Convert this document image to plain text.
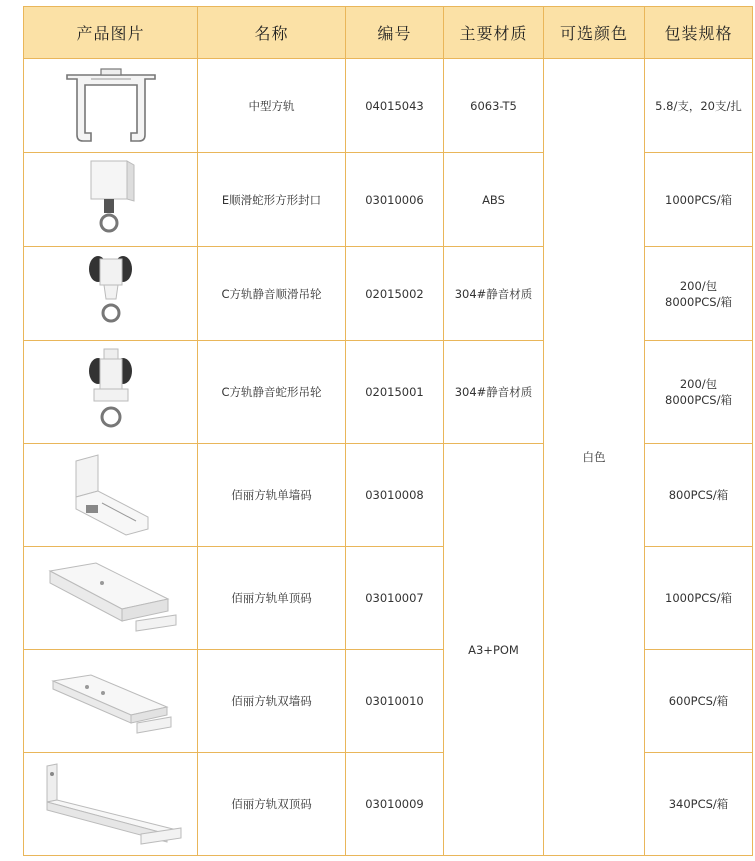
产品图片	名称	编号	主要材质	可选颜色	包装规格

	中型方轨	04015043	6063-T5	白色	5.8/支，20支/扎

	E顺滑蛇形方形封口	03010006	ABS		1000PCS/箱

	C方轨静音顺滑吊轮	02015002	304#静音材质		200/包
8000PCS/箱

	C方轨静音蛇形吊轮	02015001	304#静音材质		200/包
8000PCS/箱

	佰丽方轨单墙码	03010008	A3+POM		800PCS/箱

	佰丽方轨单顶码	03010007			1000PCS/箱

	佰丽方轨双墙码	03010010			600PCS/箱

	佰丽方轨双顶码	03010009			340PCS/箱
